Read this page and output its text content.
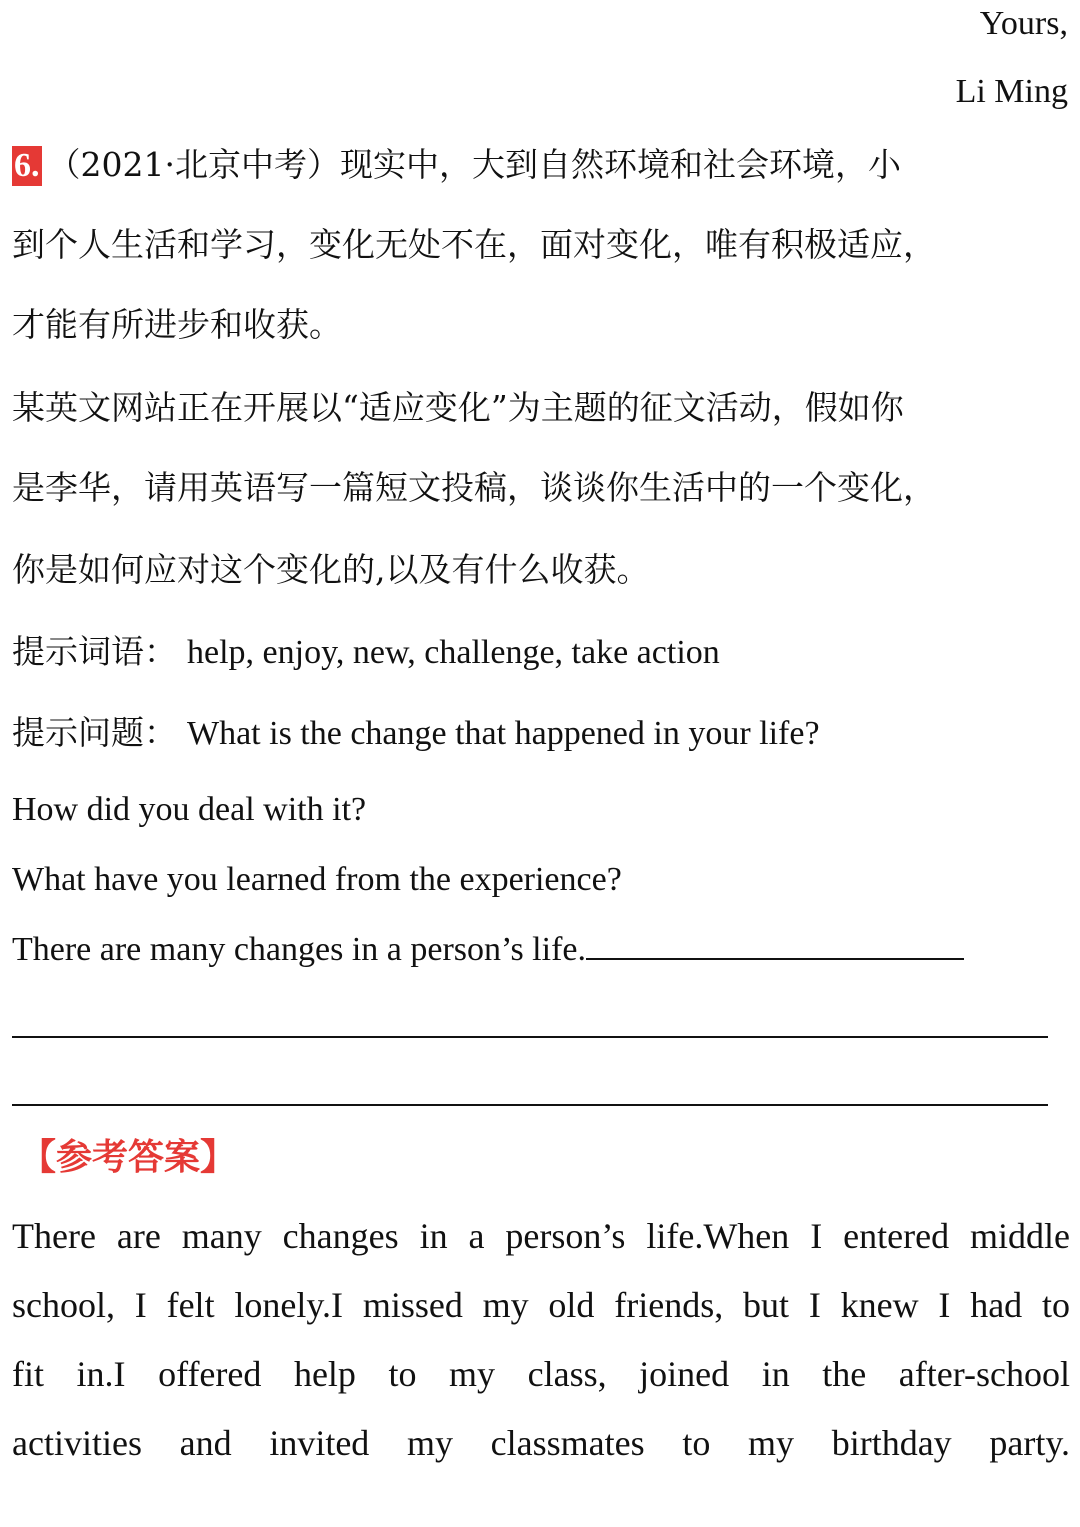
Yours,
Li Ming
6. （2021·北京中考）现实中，大到自然环境和社会环境，小
到个人生活和学习，变化无处不在，面对变化，唯有积极适应，
才能有所进步和收获。
某英文网站正在开展以“适应变化”为主题的征文活动，假如你
是李华，请用英语写一篇短文投稿，谈谈你生活中的一个变化，
你是如何应对这个变化的,以及有什么收获。
提示词语： help, enjoy, new, challenge, take action
提示问题： What is the change that happened in your life?
How did you deal with it?
What have you learned from the experience?
There are many changes in a person’s life.
【参考答案】
There are many changes in a person’s life.When I entered middle
school, I felt lonely.I missed my old friends, but I knew I had to
fit in.I offered help to my class, joined in the after-school
activities and invited my classmates to my birthday party.
